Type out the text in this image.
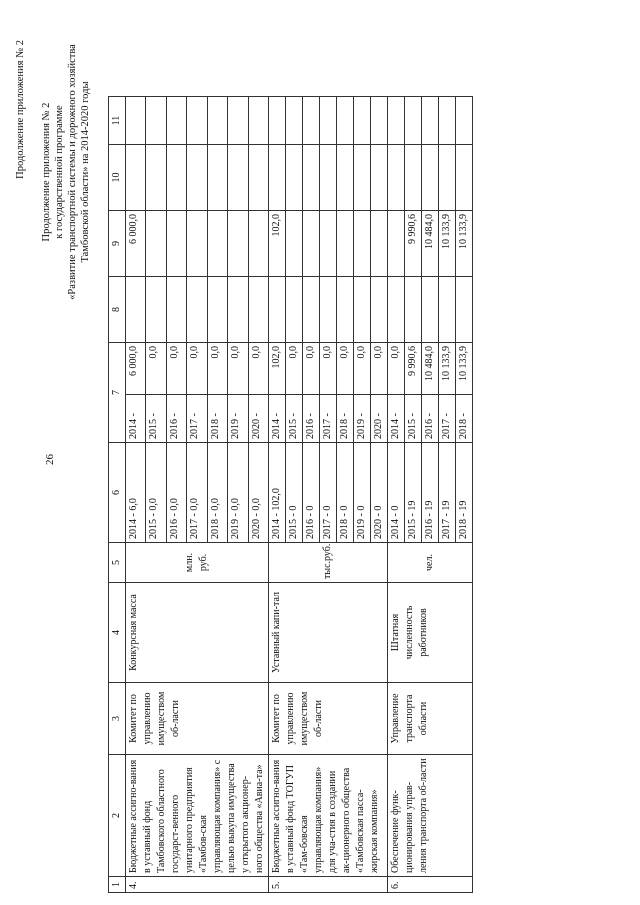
26
Продолжение приложения № 2 Продолжение приложения № 2 к государственной программе «Развитие транспортной системы и дорожного хозяйства Тамбовской области» на 2014-2020 годы
1	2	3	4	5	6	7		8	9	10	11
4.	Бюджетные ассигно-вания в уставный фонд Тамбовского областного государст-венного унитарного предприятия «Тамбов-ская управляющая компания» с целью выкупа имущества у открытого акционер-ного общества «Авиа-та»	Комитет по управлению имуществом об-ласти	Конкурсная масса	млн. руб.	2014 - 6,0	2014 -	6 000,0		6 000,0		
					2015 - 0,0	2015 -	0,0				
					2016 - 0,0	2016 -	0,0				
					2017 - 0,0	2017 -	0,0				
					2018 - 0,0	2018 -	0,0				
					2019 - 0,0	2019 -	0,0				
					2020 - 0,0	2020 -	0,0				
5.	Бюджетные ассигно-вания в уставный фонд ТОГУП «Там-бовская управляющая компания» для уча-стия в создании ак-ционерного общества «Тамбовская пасса-жирская компания»	Комитет по управлению имуществом об-ласти	Уставный капи-тал	тыс.руб.	2014 - 102,0	2014 -	102,0		102,0		
					2015 - 0	2015 -	0,0				
					2016 - 0	2016 -	0,0				
					2017 - 0	2017 -	0,0				
					2018 - 0	2018 -	0,0				
					2019 - 0	2019 -	0,0				
					2020 - 0	2020 -	0,0				
6.	Обеспечение функ-ционирования управ-ления транспорта об-ласти	Управление транспорта области	Штатная численность работников	чел.	2014 - 0	2014 -	0,0				
					2015 - 19	2015 -	9 990,6		9 990,6		
					2016 - 19	2016 -	10 484,0		10 484,0		
					2017 - 19	2017 -	10 133,9		10 133,9		
					2018 - 19	2018 -	10 133,9		10 133,9		
